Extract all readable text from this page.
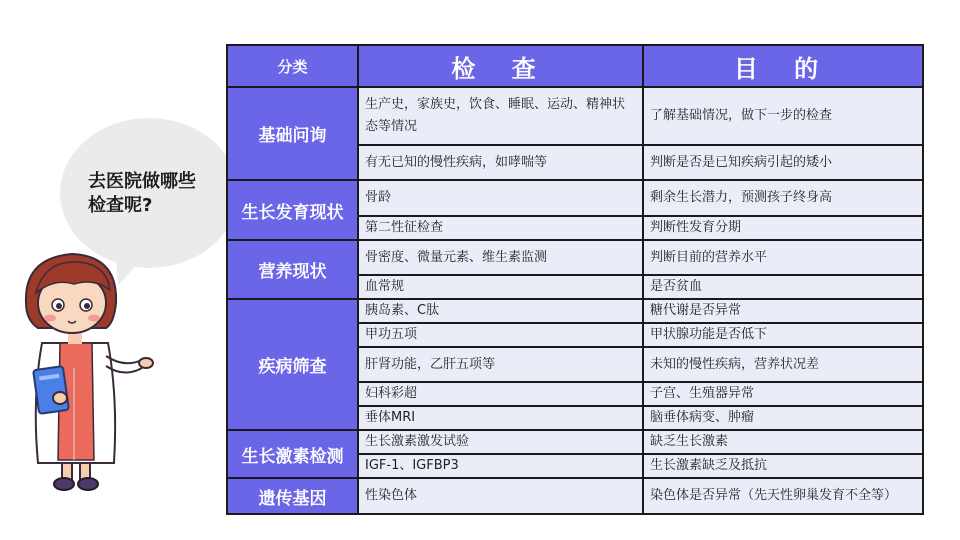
去医院做哪些
检查呢?
分类	检 查	目 的
基础问询	生产史，家族史，饮食、睡眠、运动、精神状态等情况	了解基础情况，做下一步的检查
	有无已知的慢性疾病，如哮喘等	判断是否是已知疾病引起的矮小
生长发育现状	骨龄	剩余生长潜力，预测孩子终身高
	第二性征检查	判断性发育分期
营养现状	骨密度、微量元素、维生素监测	判断目前的营养水平
	血常规	是否贫血
疾病筛查	胰岛素、C肽	糖代谢是否异常
	甲功五项	甲状腺功能是否低下
	肝肾功能，乙肝五项等	未知的慢性疾病，营养状况差
	妇科彩超	子宫、生殖器异常
	垂体MRI	脑垂体病变、肿瘤
生长激素检测	生长激素激发试验	缺乏生长激素
	IGF-1、IGFBP3	生长激素缺乏及抵抗
遗传基因	性染色体	染色体是否异常（先天性卵巢发育不全等）
